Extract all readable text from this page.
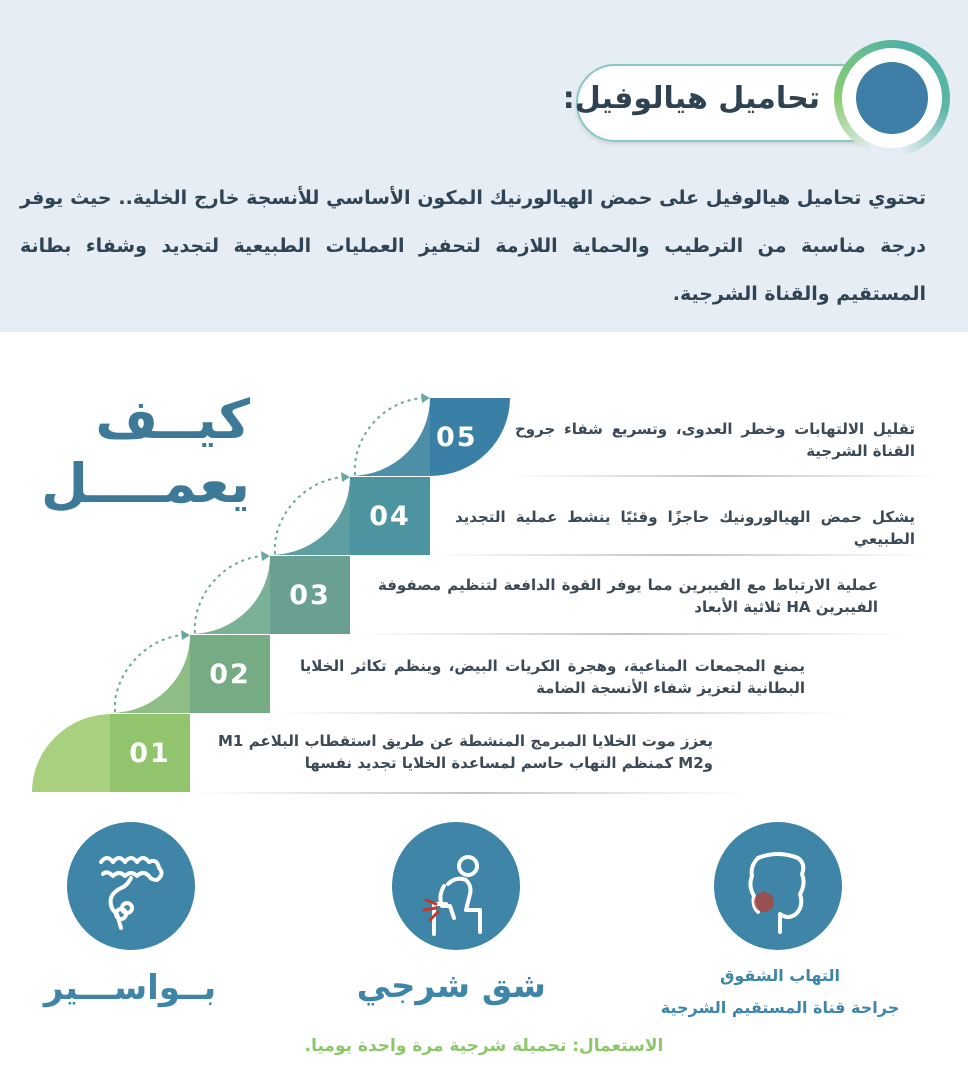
تحاميل هيالوفيل:
تحتوي تحاميل هيالوفيل على حمض الهيالورنيك المكون الأساسي للأنسجة خارج الخلية.. حيث يوفر درجة مناسبة من الترطيب والحماية اللازمة لتحفيز العمليات الطبيعية لتجديد وشفاء بطانة المستقيم والقناة الشرجية.
كيــف
يعمــــل
01
02
03
04
05
يعزز موت الخلايا المبرمج المنشطة عن طريق استقطاب البلاعم M1 وM2 كمنظم التهاب حاسم لمساعدة الخلايا تجديد نفسها
يمنع المجمعات المناعية، وهجرة الكريات البيض، وينظم تكاثر الخلايا البطانية لتعزيز شفاء الأنسجة الضامة
عملية الارتباط مع الفيبرين مما يوفر القوة الدافعة لتنظيم مصفوفة الفيبرين HA ثلاثية الأبعاد
يشكل حمض الهيالورونيك حاجزًا وقئيًا ينشط عملية التجديد الطبيعي
تقليل الالتهابات وخطر العدوى، وتسريع شفاء جروح القناة الشرجية
بــواســـير	شق شرجي	التهاب الشقوق
جراحة قناة المستقيم الشرجية
الاستعمال: تحميلة شرجية مرة واحدة يوميا.
